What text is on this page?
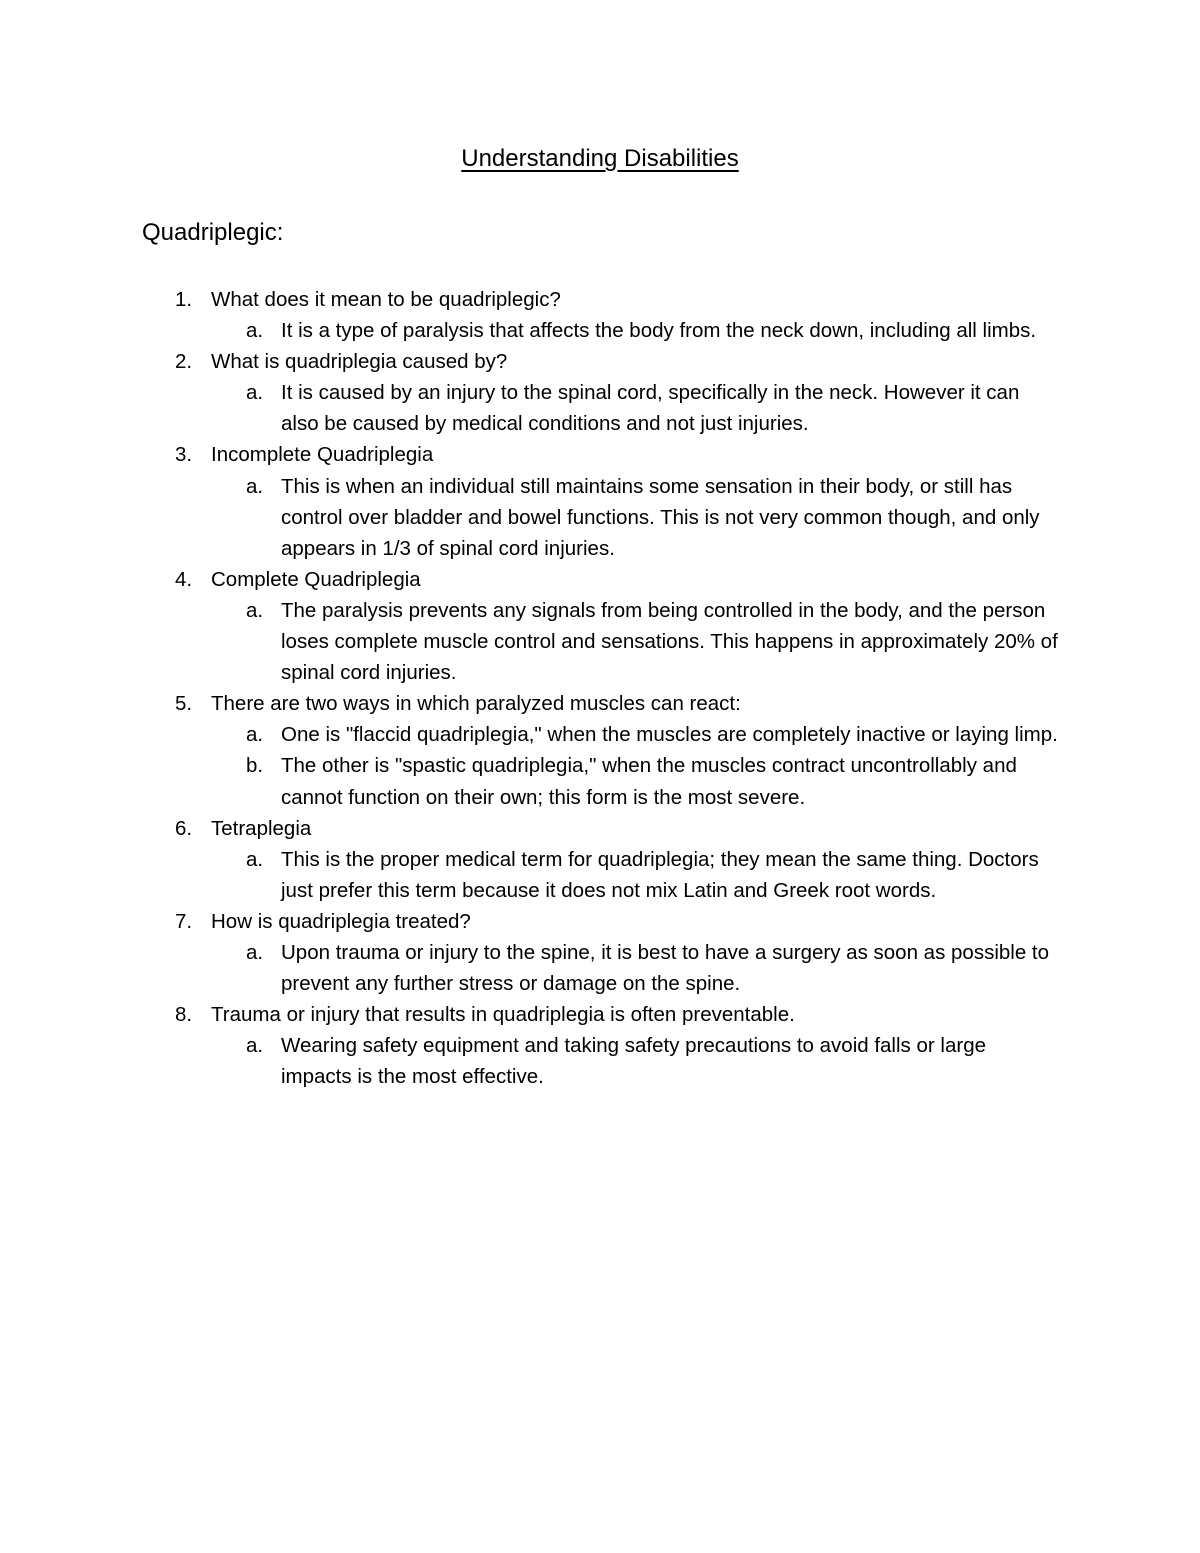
Understanding Disabilities
Quadriplegic:
1. What does it mean to be quadriplegic?
a. It is a type of paralysis that affects the body from the neck down, including all limbs.
2. What is quadriplegia caused by?
a. It is caused by an injury to the spinal cord, specifically in the neck. However it can also be caused by medical conditions and not just injuries.
3. Incomplete Quadriplegia
a. This is when an individual still maintains some sensation in their body, or still has control over bladder and bowel functions. This is not very common though, and only appears in 1/3 of spinal cord injuries.
4. Complete Quadriplegia
a. The paralysis prevents any signals from being controlled in the body, and the person loses complete muscle control and sensations. This happens in approximately 20% of spinal cord injuries.
5. There are two ways in which paralyzed muscles can react:
a. One is "flaccid quadriplegia," when the muscles are completely inactive or laying limp.
b. The other is "spastic quadriplegia," when the muscles contract uncontrollably and cannot function on their own; this form is the most severe.
6. Tetraplegia
a. This is the proper medical term for quadriplegia; they mean the same thing. Doctors just prefer this term because it does not mix Latin and Greek root words.
7. How is quadriplegia treated?
a. Upon trauma or injury to the spine, it is best to have a surgery as soon as possible to prevent any further stress or damage on the spine.
8. Trauma or injury that results in quadriplegia is often preventable.
a. Wearing safety equipment and taking safety precautions to avoid falls or large impacts is the most effective.
